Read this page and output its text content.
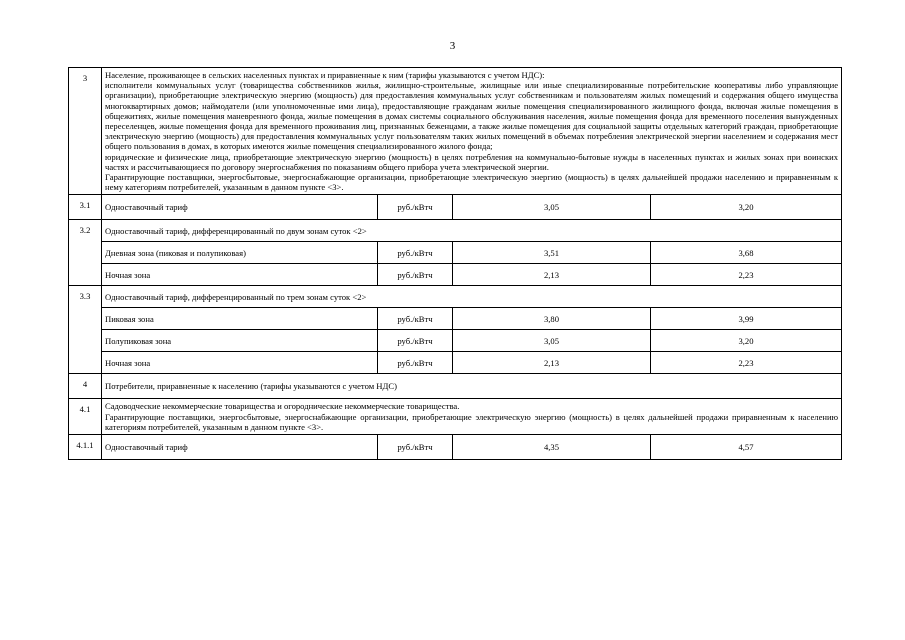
3
3	Население, проживающее в сельских населенных пунктах и приравненные к ним (тарифы указываются с учетом НДС):

исполнители коммунальных услуг (товарищества собственников жилья, жилищно-строительные, жилищные или иные специализированные потребительские кооперативы либо управляющие организации), приобретающие электрическую энергию (мощность) для предоставления коммунальных услуг собственникам и пользователям жилых помещений и содержания общего имущества многоквартирных домов; наймодатели (или уполномоченные ими лица), предоставляющие гражданам жилые помещения специализированного жилищного фонда, включая жилые помещения в общежитиях, жилые помещения маневренного фонда, жилые помещения в домах системы социального обслуживания населения, жилые помещения фонда для временного поселения вынужденных переселенцев, жилые помещения фонда для временного проживания лиц, признанных беженцами, а также жилые помещения для социальной защиты отдельных категорий граждан, приобретающие электрическую энергию (мощность) для предоставления коммунальных услуг пользователям таких жилых помещений в объемах потребления электрической энергии населением и содержания мест общего пользования в домах, в которых имеются жилые помещения специализированного жилого фонда;

юридические и физические лица, приобретающие электрическую энергию (мощность) в целях потребления на коммунально-бытовые нужды в населенных пунктах и жилых зонах при воинских частях и рассчитывающиеся по договору энергоснабжения по показаниям общего прибора учета электрической энергии.

Гарантирующие поставщики, энергосбытовые, энергоснабжающие организации, приобретающие электрическую энергию (мощность) в целях дальнейшей продажи населению и приравненным к нему категориям потребителей, указанным в данном пункте <3>.			

3.1	Одноставочный тариф	руб./кВтч	3,05	3,20
3.2	Одноставочный тариф, дифференцированный по двум зонам суток <2>			
	Дневная зона (пиковая и полупиковая)	руб./кВтч	3,51	3,68
	Ночная зона	руб./кВтч	2,13	2,23
3.3	Одноставочный тариф, дифференцированный по трем зонам суток <2>			
	Пиковая зона	руб./кВтч	3,80	3,99
	Полупиковая зона	руб./кВтч	3,05	3,20
	Ночная зона	руб./кВтч	2,13	2,23
4	Потребители, приравненные к населению (тарифы указываются с учетом НДС)			
4.1	Садоводческие некоммерческие товарищества и огороднические некоммерческие товарищества.

Гарантирующие поставщики, энергосбытовые, энергоснабжающие организации, приобретающие электрическую энергию (мощность) в целях дальнейшей продажи приравненным к населению категориям потребителей, указанным в данном пункте <3>.			

4.1.1	Одноставочный тариф	руб./кВтч	4,35	4,57
